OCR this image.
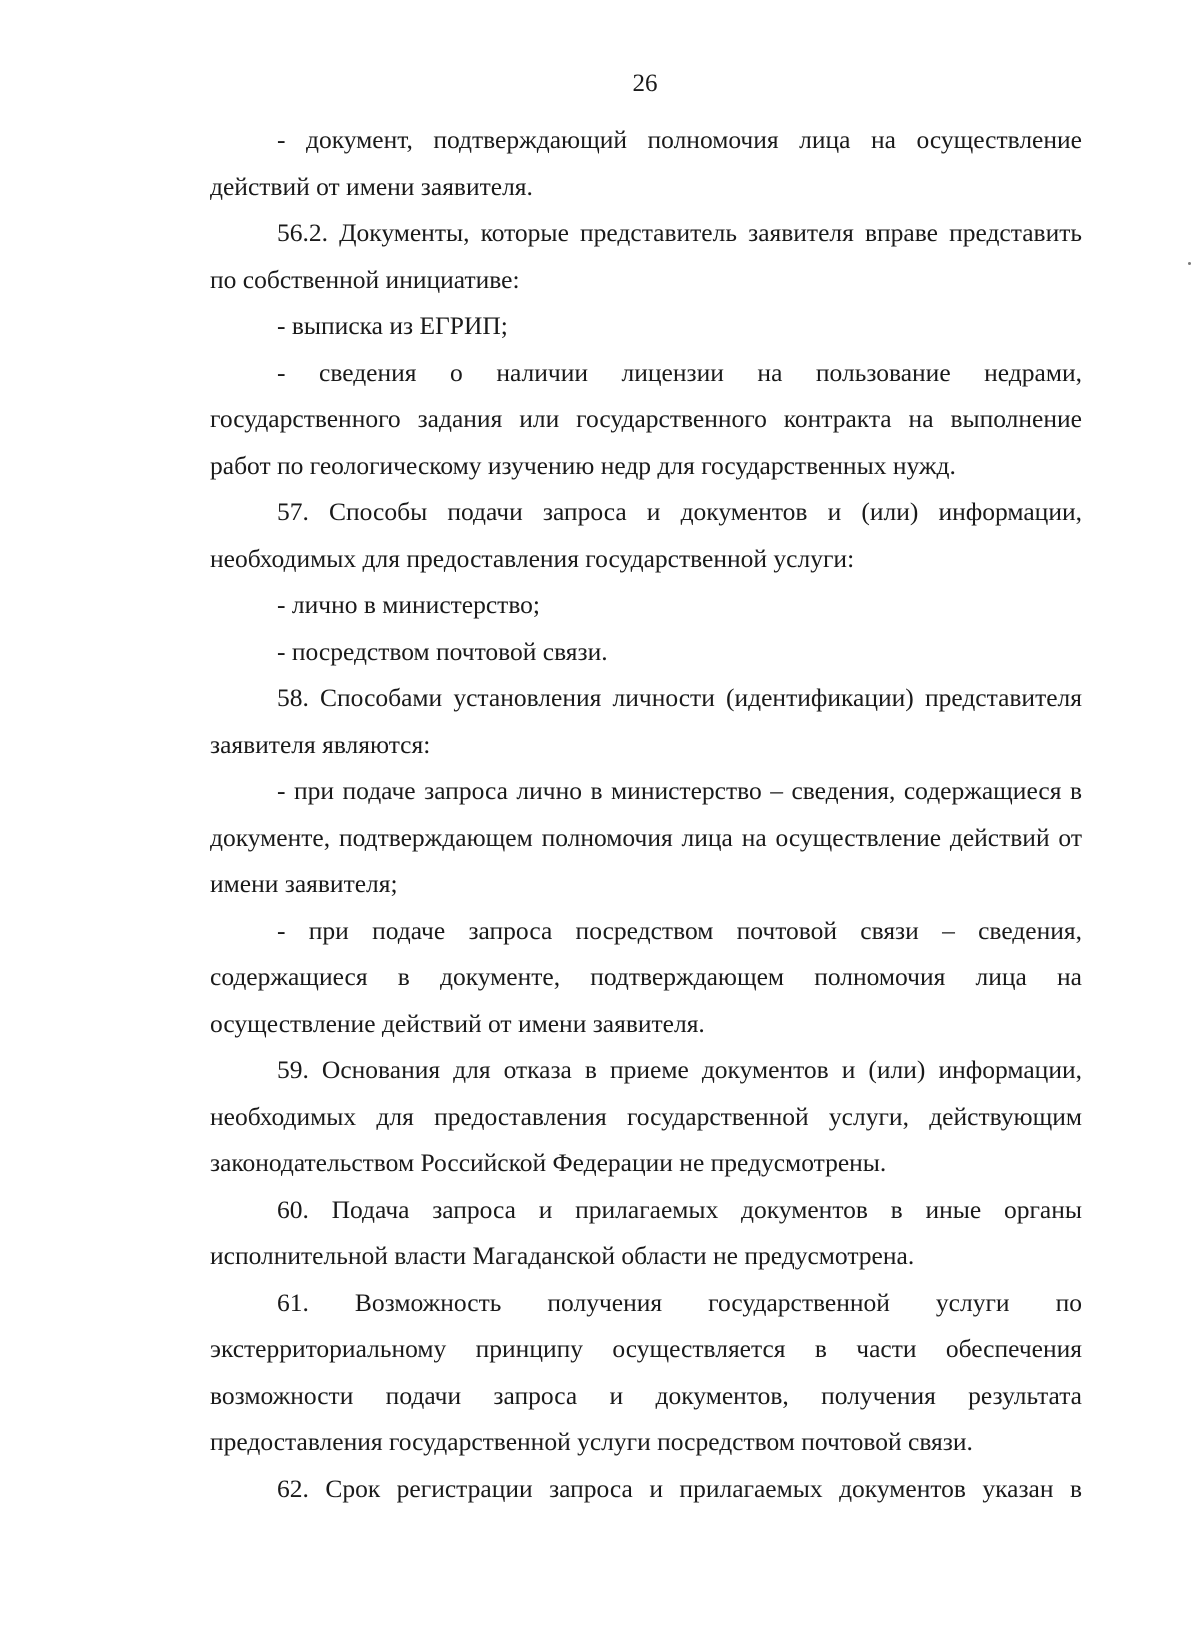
26

- документ, подтверждающий полномочия лица на осуществление действий от имени заявителя.

56.2. Документы, которые представитель заявителя вправе представить по собственной инициативе:

- выписка из ЕГРИП;

- сведения о наличии лицензии на пользование недрами, государственного задания или государственного контракта на выполнение работ по геологическому изучению недр для государственных нужд.

57. Способы подачи запроса и документов и (или) информации, необходимых для предоставления государственной услуги:

- лично в министерство;

- посредством почтовой связи.

58. Способами установления личности (идентификации) представителя заявителя являются:

- при подаче запроса лично в министерство – сведения, содержащиеся в документе, подтверждающем полномочия лица на осуществление действий от имени заявителя;

- при подаче запроса посредством почтовой связи – сведения, содержащиеся в документе, подтверждающем полномочия лица на осуществление действий от имени заявителя.

59. Основания для отказа в приеме документов и (или) информации, необходимых для предоставления государственной услуги, действующим законодательством Российской Федерации не предусмотрены.

60. Подача запроса и прилагаемых документов в иные органы исполнительной власти Магаданской области не предусмотрена.

61. Возможность получения государственной услуги по экстерриториальному принципу осуществляется в части обеспечения возможности подачи запроса и документов, получения результата предоставления государственной услуги посредством почтовой связи.

62. Срок регистрации запроса и прилагаемых документов указан в
